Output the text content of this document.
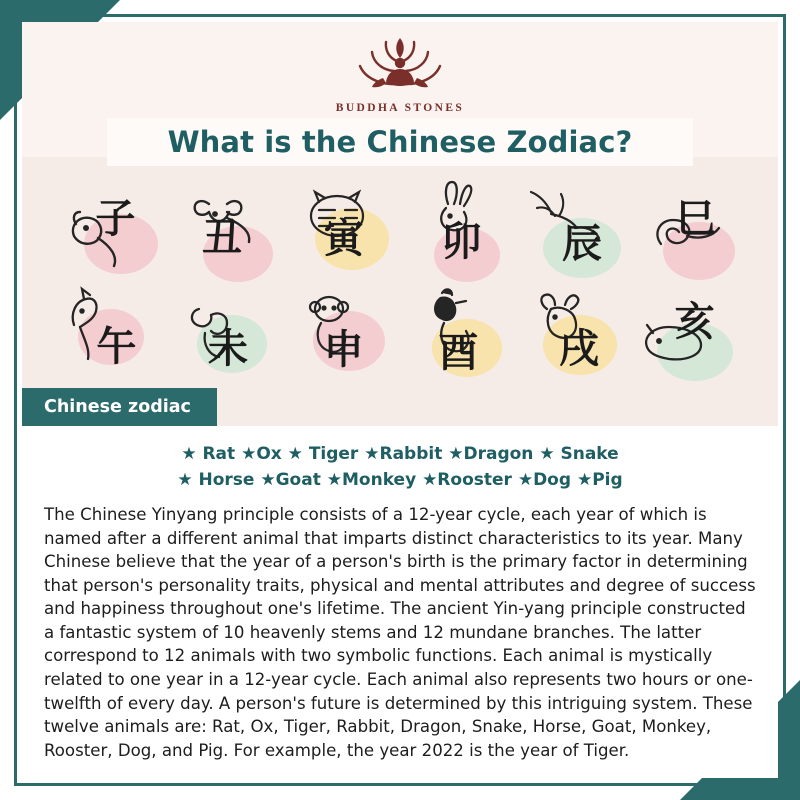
BUDDHA STONES
What is the Chinese Zodiac?
子 丑 寅 卯 辰
巳
午 未 申 酉 戌
亥
Chinese zodiac
★ Rat ★Ox ★ Tiger ★Rabbit ★Dragon ★ Snake
★ Horse ★Goat ★Monkey ★Rooster ★Dog ★Pig

The Chinese Yinyang principle consists of a 12-year cycle, each year of which is named after a different animal that imparts distinct characteristics to its year. Many Chinese believe that the year of a person's birth is the primary factor in determining that person's personality traits, physical and mental attributes and degree of success and happiness throughout one's lifetime. The ancient Yin-yang principle constructed a fantastic system of 10 heavenly stems and 12 mundane branches. The latter correspond to 12 animals with two symbolic functions. Each animal is mystically related to one year in a 12-year cycle. Each animal also represents two hours or one-twelfth of every day. A person's future is determined by this intriguing system. These twelve animals are: Rat, Ox, Tiger, Rabbit, Dragon, Snake, Horse, Goat, Monkey, Rooster, Dog, and Pig. For example, the year 2022 is the year of Tiger.
